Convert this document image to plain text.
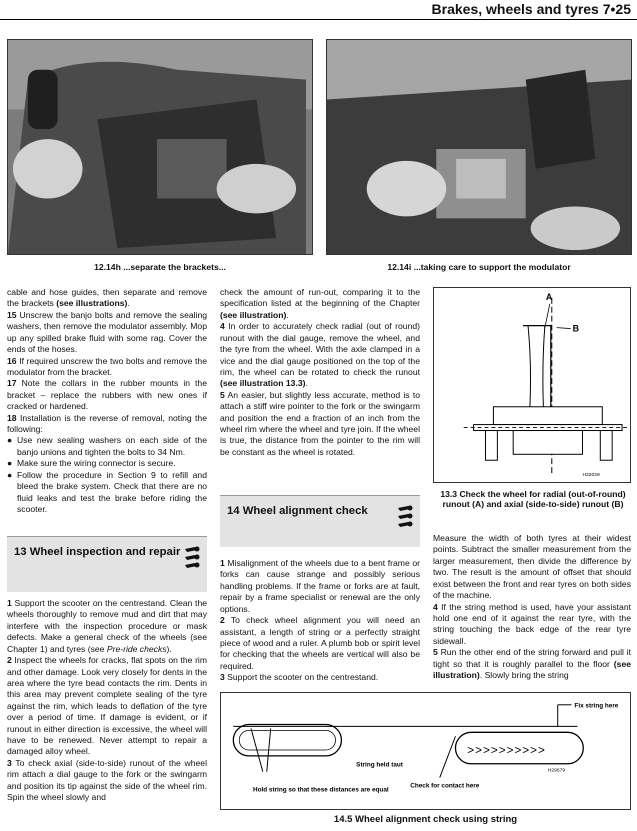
Brakes, wheels and tyres 7•25
12.14h ...separate the brackets...	12.14i ...taking care to support the modulator

cable and hose guides, then separate and remove the brackets (see illustrations).

15 Unscrew the banjo bolts and remove the sealing washers, then remove the modulator assembly. Mop up any spilled brake fluid with some rag. Cover the ends of the hoses.

16 If required unscrew the two bolts and remove the modulator from the bracket.

17 Note the collars in the rubber mounts in the bracket – replace the rubbers with new ones if cracked or hardened.

18 Installation is the reverse of removal, noting the following:

● Use new sealing washers on each side of the banjo unions and tighten the bolts to 34 Nm.
● Make sure the wiring connector is secure.
● Follow the procedure in Section 9 to refill and bleed the brake system. Check that there are no fluid leaks and test the brake before riding the scooter.
13 Wheel inspection and repair

1 Support the scooter on the centrestand. Clean the wheels thoroughly to remove mud and dirt that may interfere with the inspection procedure or mask defects. Make a general check of the wheels (see Chapter 1) and tyres (see Pre-ride checks).

2 Inspect the wheels for cracks, flat spots on the rim and other damage. Look very closely for dents in the area where the tyre bead contacts the rim. Dents in this area may prevent complete sealing of the tyre against the rim, which leads to deflation of the tyre over a period of time. If damage is evident, or if runout in either direction is excessive, the wheel will have to be renewed. Never attempt to repair a damaged alloy wheel.

3 To check axial (side-to-side) runout of the wheel rim attach a dial gauge to the fork or the swingarm and position its tip against the side of the wheel rim. Spin the wheel slowly and

check the amount of run-out, comparing it to the specification listed at the beginning of the Chapter (see illustration).

4 In order to accurately check radial (out of round) runout with the dial gauge, remove the wheel, and the tyre from the wheel. With the axle clamped in a vice and the dial gauge positioned on the top of the rim, the wheel can be rotated to check the runout (see illustration 13.3).

5 An easier, but slightly less accurate, method is to attach a stiff wire pointer to the fork or the swingarm and position the end a fraction of an inch from the wheel rim where the wheel and tyre join. If the wheel is true, the distance from the pointer to the rim will be constant as the wheel is rotated.

14 Wheel alignment check

1 Misalignment of the wheels due to a bent frame or forks can cause strange and possibly serious handling problems. If the frame or forks are at fault, repair by a frame specialist or renewal are the only options.

2 To check wheel alignment you will need an assistant, a length of string or a perfectly straight piece of wood and a ruler. A plumb bob or spirit level for checking that the wheels are vertical will also be required.

3 Support the scooter on the centrestand.

A
B
H32029
13.3 Check the wheel for radial (out-of-round) runout (A) and axial (side-to-side) runout (B)

Measure the width of both tyres at their widest points. Subtract the smaller measurement from the larger measurement, then divide the difference by two. The result is the amount of offset that should exist between the front and rear tyres on both sides of the machine.

4 If the string method is used, have your assistant hold one end of it against the rear tyre, with the string touching the back edge of the rear tyre sidewall.

5 Run the other end of the string forward and pull it tight so that it is roughly parallel to the floor (see illustration). Slowly bring the string

>>>>>>>>>>
Fix string here
String held taut
Hold string so that these distances are equal
Check for contact here
H29679
14.5 Wheel alignment check using string
